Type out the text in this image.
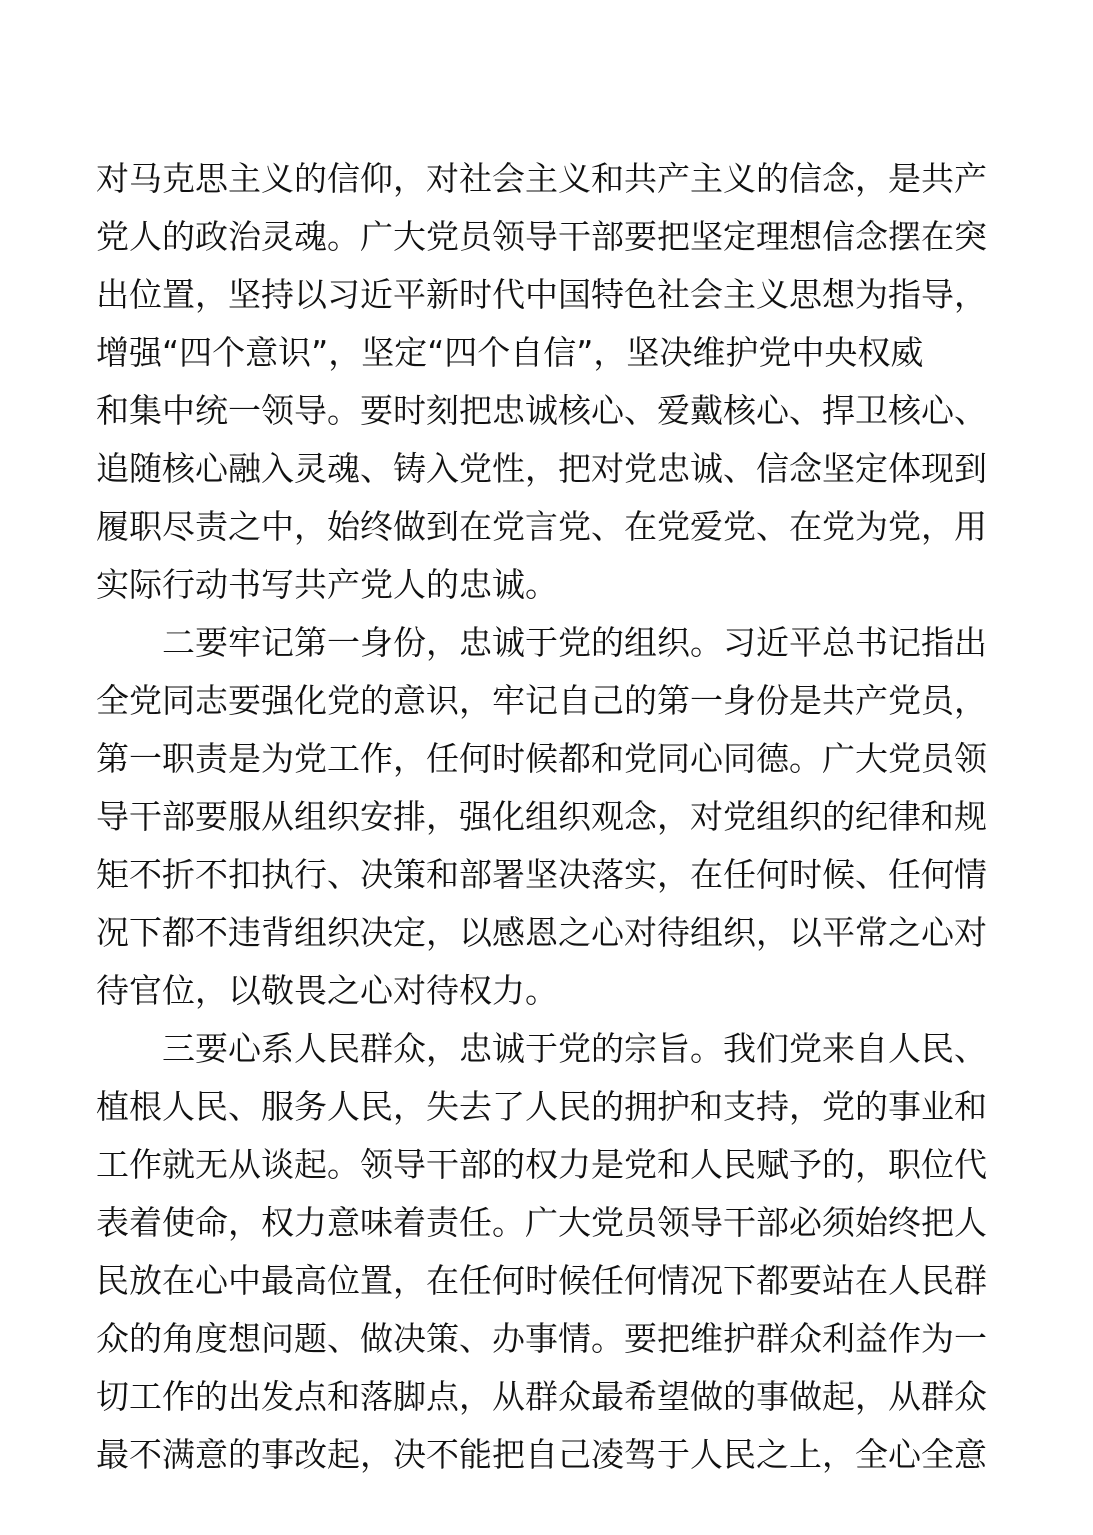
对马克思主义的信仰，对社会主义和共产主义的信念，是共产
党人的政治灵魂。广大党员领导干部要把坚定理想信念摆在突
出位置，坚持以习近平新时代中国特色社会主义思想为指导，
增强“四个意识”，坚定“四个自信”，坚决维护党中央权威
和集中统一领导。要时刻把忠诚核心、爱戴核心、捍卫核心、
追随核心融入灵魂、铸入党性，把对党忠诚、信念坚定体现到
履职尽责之中，始终做到在党言党、在党爱党、在党为党，用
实际行动书写共产党人的忠诚。
二要牢记第一身份，忠诚于党的组织。习近平总书记指出
全党同志要强化党的意识，牢记自己的第一身份是共产党员，
第一职责是为党工作，任何时候都和党同心同德。广大党员领
导干部要服从组织安排，强化组织观念，对党组织的纪律和规
矩不折不扣执行、决策和部署坚决落实，在任何时候、任何情
况下都不违背组织决定，以感恩之心对待组织，以平常之心对
待官位，以敬畏之心对待权力。
三要心系人民群众，忠诚于党的宗旨。我们党来自人民、
植根人民、服务人民，失去了人民的拥护和支持，党的事业和
工作就无从谈起。领导干部的权力是党和人民赋予的，职位代
表着使命，权力意味着责任。广大党员领导干部必须始终把人
民放在心中最高位置，在任何时候任何情况下都要站在人民群
众的角度想问题、做决策、办事情。要把维护群众利益作为一
切工作的出发点和落脚点，从群众最希望做的事做起，从群众
最不满意的事改起，决不能把自己凌驾于人民之上，全心全意
